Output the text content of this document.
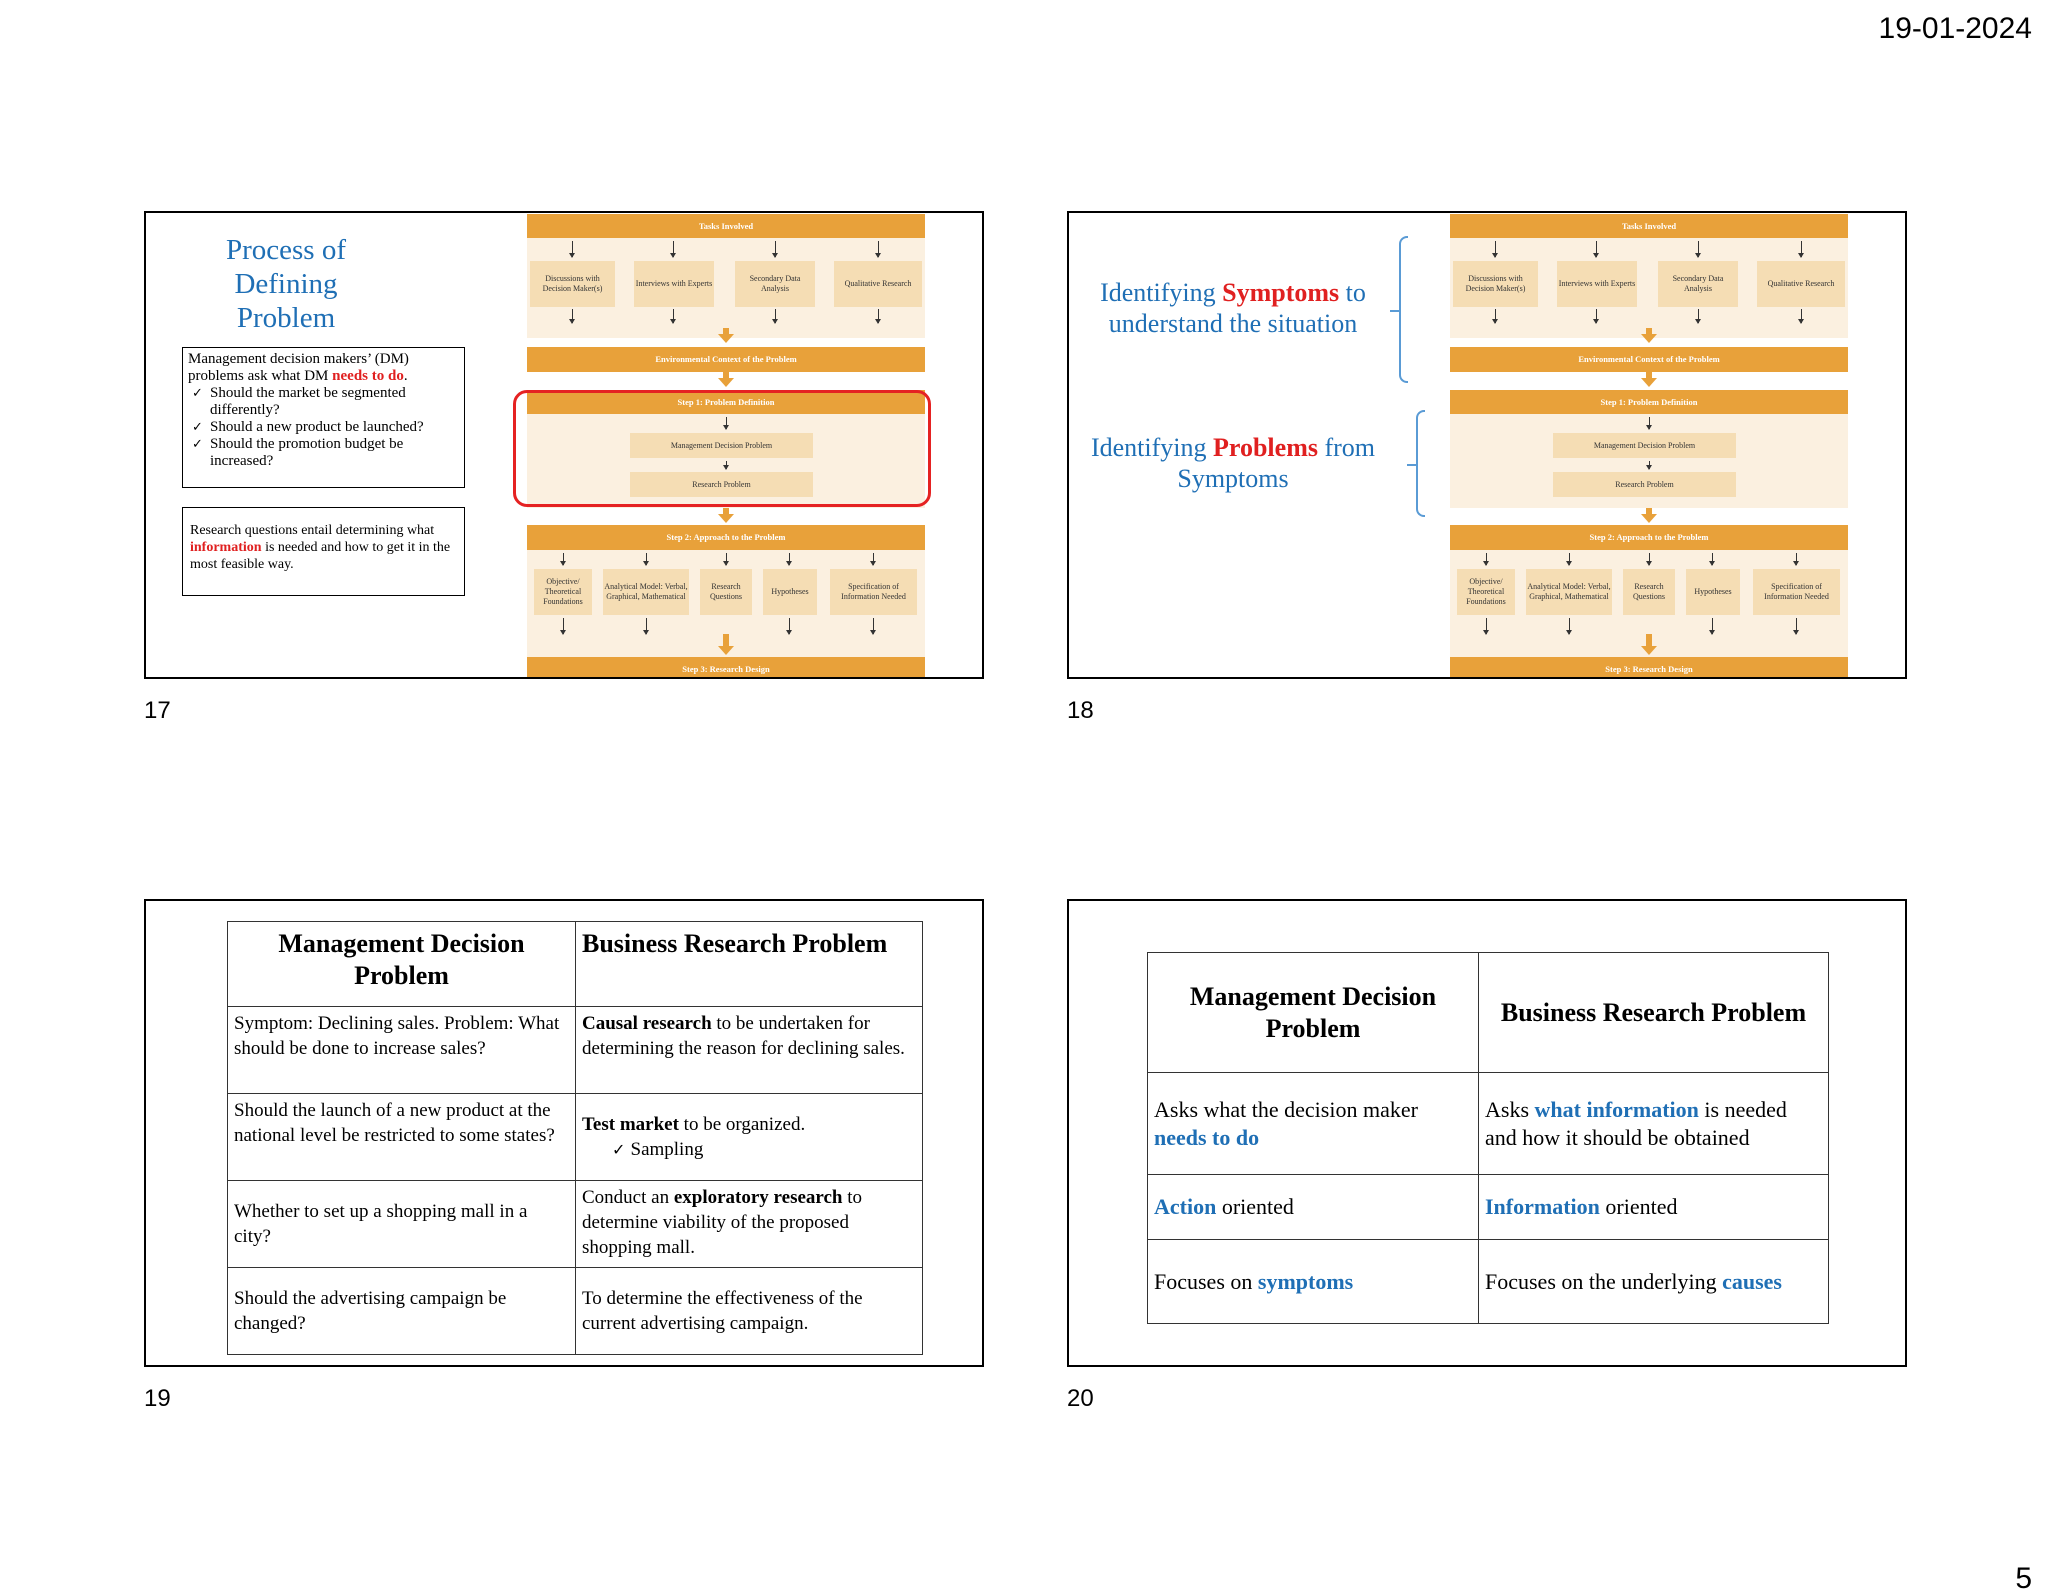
19-01-2024
Process of Defining Problem
Management decision makers’ (DM) problems ask what DM needs to do.
✓ Should the market be segmented differently?
✓ Should a new product be launched?
✓ Should the promotion budget be increased?
Research questions entail determining what information is needed and how to get it in the most feasible way.
Tasks Involved
Discussions with Decision Maker(s)
Interviews with Experts
Secondary Data Analysis
Qualitative Research
Environmental Context of the Problem
Step 1: Problem Definition
Management Decision Problem
Research Problem
Step 2: Approach to the Problem
Objective/ Theoretical Foundations
Analytical Model: Verbal, Graphical, Mathematical
Research Questions
Hypotheses
Specification of Information Needed
Step 3: Research Design
17
Identifying Symptoms to understand the situation
Identifying Problems from Symptoms
Tasks Involved
Discussions with Decision Maker(s)
Interviews with Experts
Secondary Data Analysis
Qualitative Research
Environmental Context of the Problem
Step 1: Problem Definition
Management Decision Problem
Research Problem
Step 2: Approach to the Problem
Objective/ Theoretical Foundations
Analytical Model: Verbal, Graphical, Mathematical
Research Questions
Hypotheses
Specification of Information Needed
Step 3: Research Design
18
Management Decision Problem	Business Research Problem
Symptom: Declining sales. Problem: What should be done to increase sales?	Causal research to be undertaken for determining the reason for declining sales.
Should the launch of a new product at the national level be restricted to some states?	Test market to be organized.
✓ Sampling

Whether to set up a shopping mall in a city?	Conduct an exploratory research to determine viability of the proposed shopping mall.
Should the advertising campaign be changed?	To determine the effectiveness of the current advertising campaign.
19
Management Decision Problem	Business Research Problem
Asks what the decision maker needs to do	Asks what information is needed and how it should be obtained
Action oriented	Information oriented
Focuses on symptoms	Focuses on the underlying causes
20
5
